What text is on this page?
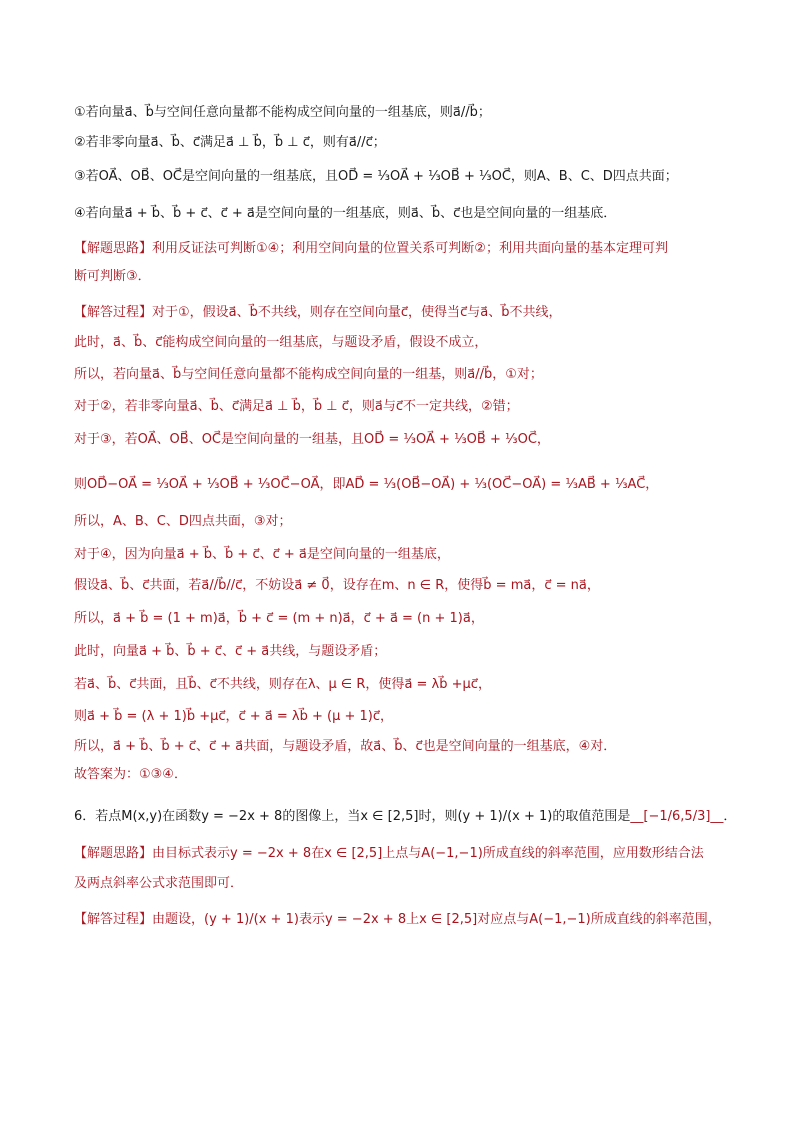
①若向量a⃗、b⃗与空间任意向量都不能构成空间向量的一组基底，则a⃗//b⃗；
②若非零向量a⃗、b⃗、c⃗满足a⃗ ⊥ b⃗，b⃗ ⊥ c⃗，则有a⃗//c⃗；
③若OA⃗、OB⃗、OC⃗是空间向量的一组基底，且OD⃗ = ⅓OA⃗ + ⅓OB⃗ + ⅓OC⃗，则A、B、C、D四点共面；
④若向量a⃗ + b⃗、b⃗ + c⃗、c⃗ + a⃗是空间向量的一组基底，则a⃗、b⃗、c⃗也是空间向量的一组基底．
【解题思路】利用反证法可判断①④；利用空间向量的位置关系可判断②；利用共面向量的基本定理可判
断可判断③．
【解答过程】对于①，假设a⃗、b⃗不共线，则存在空间向量c⃗，使得当c⃗与a⃗、b⃗不共线，
此时，a⃗、b⃗、c⃗能构成空间向量的一组基底，与题设矛盾，假设不成立，
所以，若向量a⃗、b⃗与空间任意向量都不能构成空间向量的一组基，则a⃗//b⃗，①对；
对于②，若非零向量a⃗、b⃗、c⃗满足a⃗ ⊥ b⃗，b⃗ ⊥ c⃗，则a⃗与c⃗不一定共线，②错；
对于③，若OA⃗、OB⃗、OC⃗是空间向量的一组基，且OD⃗ = ⅓OA⃗ + ⅓OB⃗ + ⅓OC⃗，
则OD⃗−OA⃗ = ⅓OA⃗ + ⅓OB⃗ + ⅓OC⃗−OA⃗，即AD⃗ = ⅓(OB⃗−OA⃗) + ⅓(OC⃗−OA⃗) = ⅓AB⃗ + ⅓AC⃗，
所以，A、B、C、D四点共面，③对；
对于④，因为向量a⃗ + b⃗、b⃗ + c⃗、c⃗ + a⃗是空间向量的一组基底，
假设a⃗、b⃗、c⃗共面，若a⃗//b⃗//c⃗，不妨设a⃗ ≠ 0⃗，设存在m、n ∈ R，使得b⃗ = ma⃗，c⃗ = na⃗，
所以，a⃗ + b⃗ = (1 + m)a⃗，b⃗ + c⃗ = (m + n)a⃗，c⃗ + a⃗ = (n + 1)a⃗，
此时，向量a⃗ + b⃗、b⃗ + c⃗、c⃗ + a⃗共线，与题设矛盾；
若a⃗、b⃗、c⃗共面，且b⃗、c⃗不共线，则存在λ、μ ∈ R，使得a⃗ = λb⃗ +μc⃗，
则a⃗ + b⃗ = (λ + 1)b⃗ +μc⃗，c⃗ + a⃗ = λb⃗ + (μ + 1)c⃗，
所以，a⃗ + b⃗、b⃗ + c⃗、c⃗ + a⃗共面，与题设矛盾，故a⃗、b⃗、c⃗也是空间向量的一组基底，④对．
故答案为：①③④．
6．若点M(x,y)在函数y = −2x + 8的图像上，当x ∈ [2,5]时，则(y + 1)/(x + 1)的取值范围是__[−1/6,5/3]__．
【解题思路】由目标式表示y = −2x + 8在x ∈ [2,5]上点与A(−1,−1)所成直线的斜率范围，应用数形结合法
及两点斜率公式求范围即可．
【解答过程】由题设，(y + 1)/(x + 1)表示y = −2x + 8上x ∈ [2,5]对应点与A(−1,−1)所成直线的斜率范围，
